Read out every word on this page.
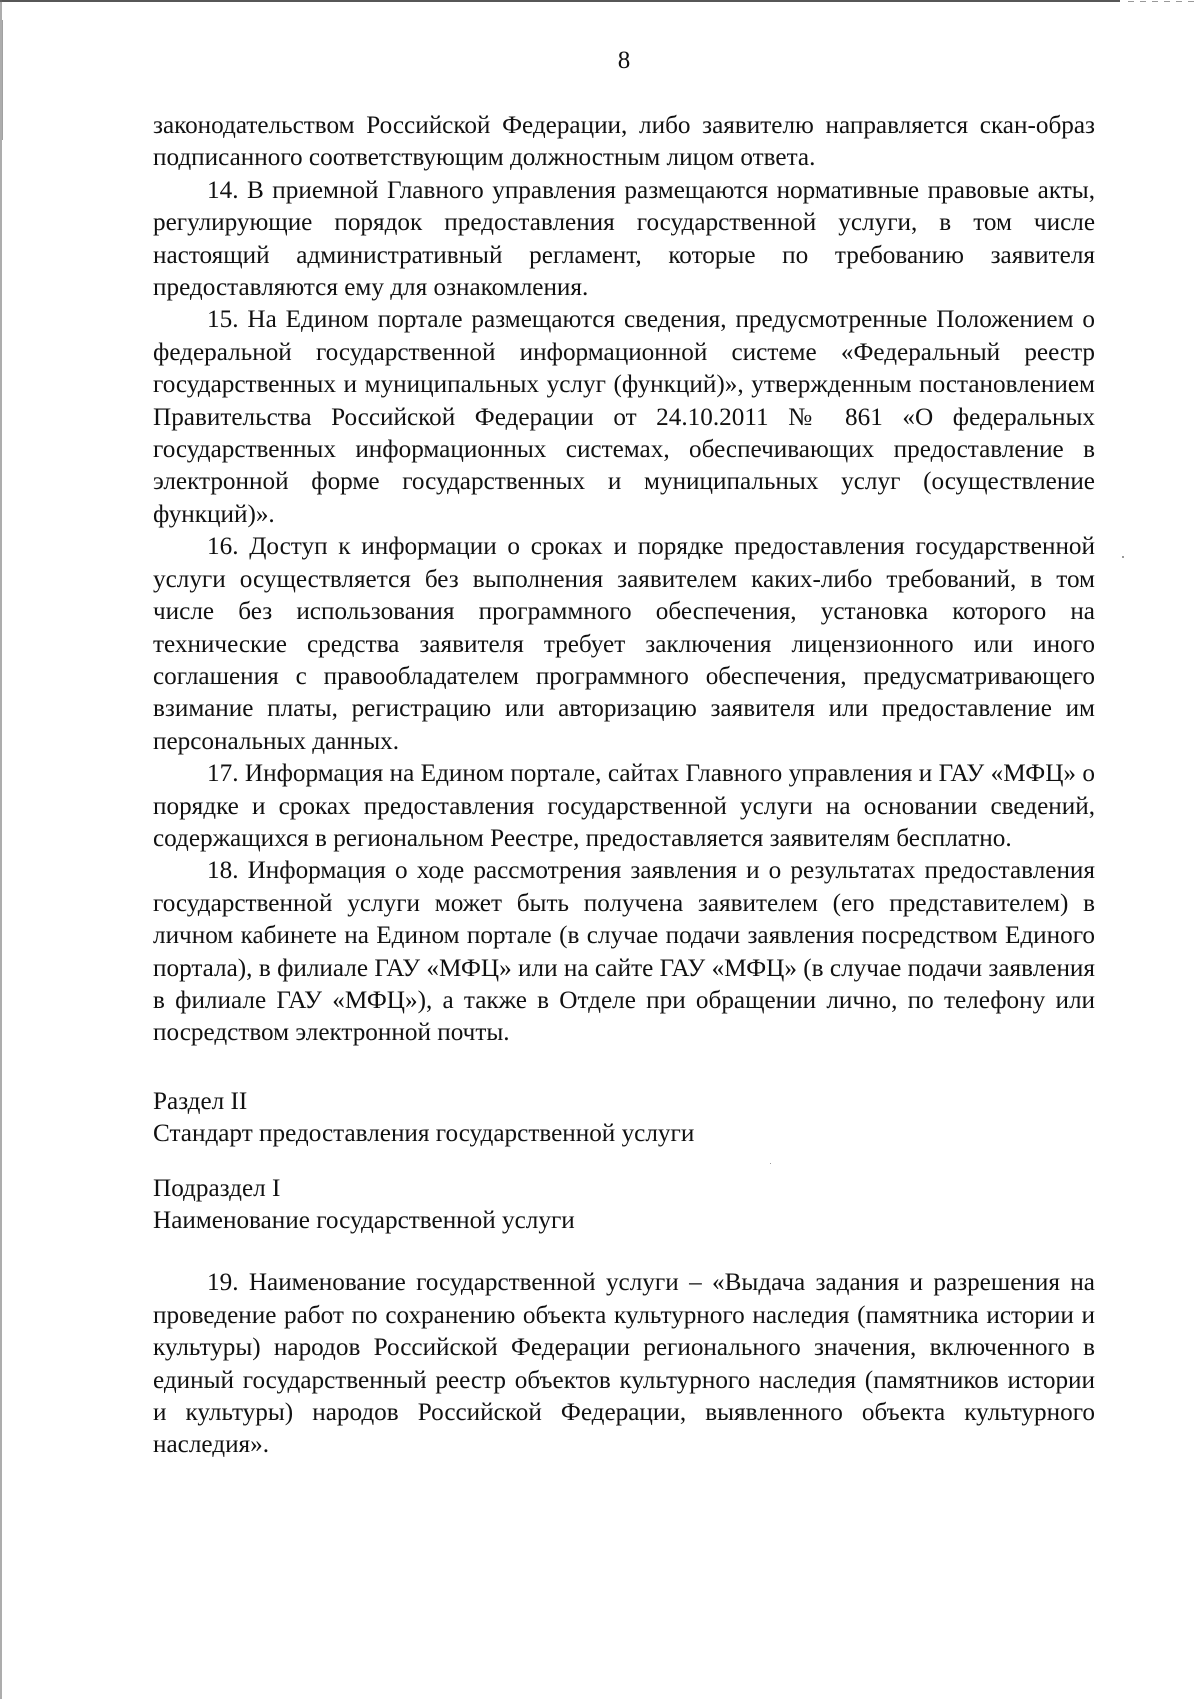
8

законодательством Российской Федерации, либо заявителю направляется скан-образ подписанного соответствующим должностным лицом ответа.

14. В приемной Главного управления размещаются нормативные правовые акты, регулирующие порядок предоставления государственной услуги, в том числе настоящий административный регламент, которые по требованию заявителя предоставляются ему для ознакомления.

15. На Едином портале размещаются сведения, предусмотренные Положением о федеральной государственной информационной системе «Федеральный реестр государственных и муниципальных услуг (функций)», утвержденным постановлением Правительства Российской Федерации от 24.10.2011 № 861 «О федеральных государственных информационных системах, обеспечивающих предоставление в электронной форме государственных и муниципальных услуг (осуществление функций)».

16. Доступ к информации о сроках и порядке предоставления государственной услуги осуществляется без выполнения заявителем каких-либо требований, в том числе без использования программного обеспечения, установка которого на технические средства заявителя требует заключения лицензионного или иного соглашения с правообладателем программного обеспечения, предусматривающего взимание платы, регистрацию или авторизацию заявителя или предоставление им персональных данных.

17. Информация на Едином портале, сайтах Главного управления и ГАУ «МФЦ» о порядке и сроках предоставления государственной услуги на основании сведений, содержащихся в региональном Реестре, предоставляется заявителям бесплатно.

18. Информация о ходе рассмотрения заявления и о результатах предоставления государственной услуги может быть получена заявителем (его представителем) в личном кабинете на Едином портале (в случае подачи заявления посредством Единого портала), в филиале ГАУ «МФЦ» или на сайте ГАУ «МФЦ» (в случае подачи заявления в филиале ГАУ «МФЦ»), а также в Отделе при обращении лично, по телефону или посредством электронной почты.

Раздел II

Стандарт предоставления государственной услуги

Подраздел I

Наименование государственной услуги

19. Наименование государственной услуги – «Выдача задания и разрешения на проведение работ по сохранению объекта культурного наследия (памятника истории и культуры) народов Российской Федерации регионального значения, включенного в единый государственный реестр объектов культурного наследия (памятников истории и культуры) народов Российской Федерации, выявленного объекта культурного наследия».
